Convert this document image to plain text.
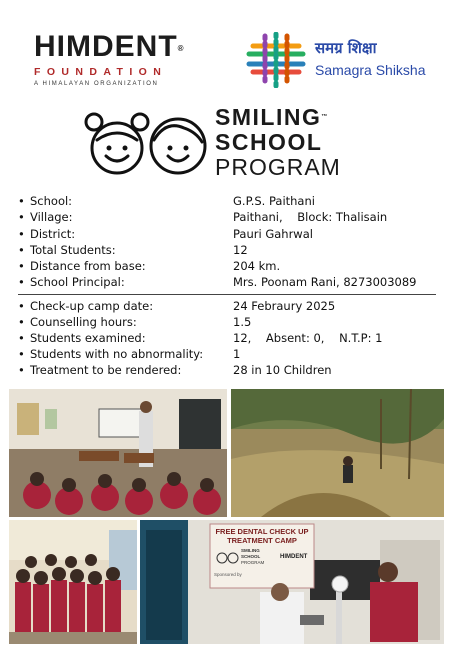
HIMDENT®
FOUNDATION
A HIMALAYAN ORGANIZATION
समग्र शिक्षा
Samagra Shiksha
SMILING™
SCHOOL
PROGRAM
• School:	G.P.S. Paithani
• Village:	Paithani,    Block: Thalisain
• District:	Pauri Gahrwal
• Total Students:	12
• Distance from base:	204 km.
• School Principal:	Mrs. Poonam Rani, 8273003089
• Check-up camp date:	24 Febraury 2025
• Counselling hours:	1.5
• Students examined:	12,    Absent: 0,    N.T.P: 1
• Students with no abnormality:	1
• Treatment to be rendered:	28 in 10 Children
FREE DENTAL CHECK UP
TREATMENT CAMP
SMILING
SCHOOL
PROGRAM
HIMDENT
Sponsored by
